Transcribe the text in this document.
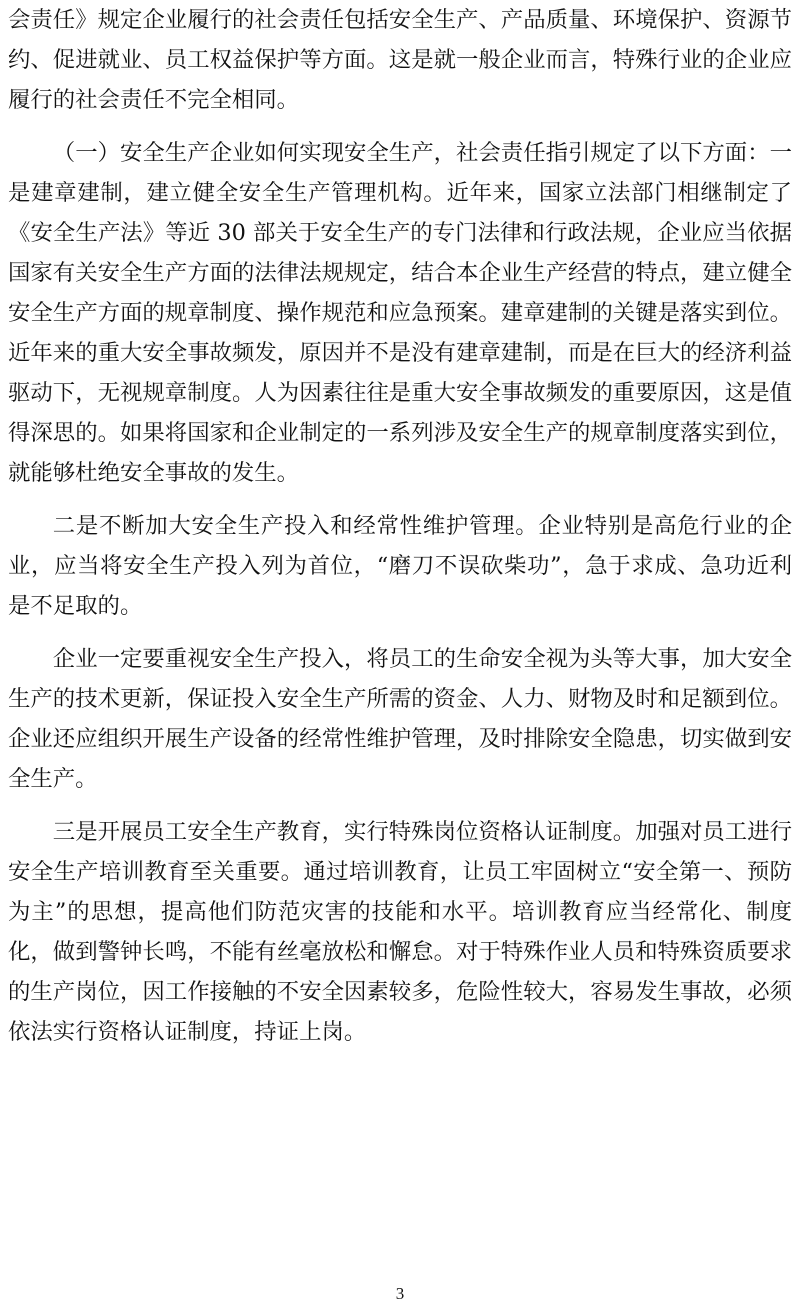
会责任》规定企业履行的社会责任包括安全生产、产品质量、环境保护、资源节约、促进就业、员工权益保护等方面。这是就一般企业而言，特殊行业的企业应履行的社会责任不完全相同。

（一）安全生产企业如何实现安全生产，社会责任指引规定了以下方面：一是建章建制，建立健全安全生产管理机构。近年来，国家立法部门相继制定了《安全生产法》等近 30 部关于安全生产的专门法律和行政法规，企业应当依据国家有关安全生产方面的法律法规规定，结合本企业生产经营的特点，建立健全安全生产方面的规章制度、操作规范和应急预案。建章建制的关键是落实到位。近年来的重大安全事故频发，原因并不是没有建章建制，而是在巨大的经济利益驱动下，无视规章制度。人为因素往往是重大安全事故频发的重要原因，这是值得深思的。如果将国家和企业制定的一系列涉及安全生产的规章制度落实到位，就能够杜绝安全事故的发生。

二是不断加大安全生产投入和经常性维护管理。企业特别是高危行业的企业，应当将安全生产投入列为首位，“磨刀不误砍柴功”，急于求成、急功近利是不足取的。

企业一定要重视安全生产投入，将员工的生命安全视为头等大事，加大安全生产的技术更新，保证投入安全生产所需的资金、人力、财物及时和足额到位。企业还应组织开展生产设备的经常性维护管理，及时排除安全隐患，切实做到安全生产。

三是开展员工安全生产教育，实行特殊岗位资格认证制度。加强对员工进行安全生产培训教育至关重要。通过培训教育，让员工牢固树立“安全第一、预防为主”的思想，提高他们防范灾害的技能和水平。培训教育应当经常化、制度化，做到警钟长鸣，不能有丝毫放松和懈怠。对于特殊作业人员和特殊资质要求的生产岗位，因工作接触的不安全因素较多，危险性较大，容易发生事故，必须依法实行资格认证制度，持证上岗。

3
